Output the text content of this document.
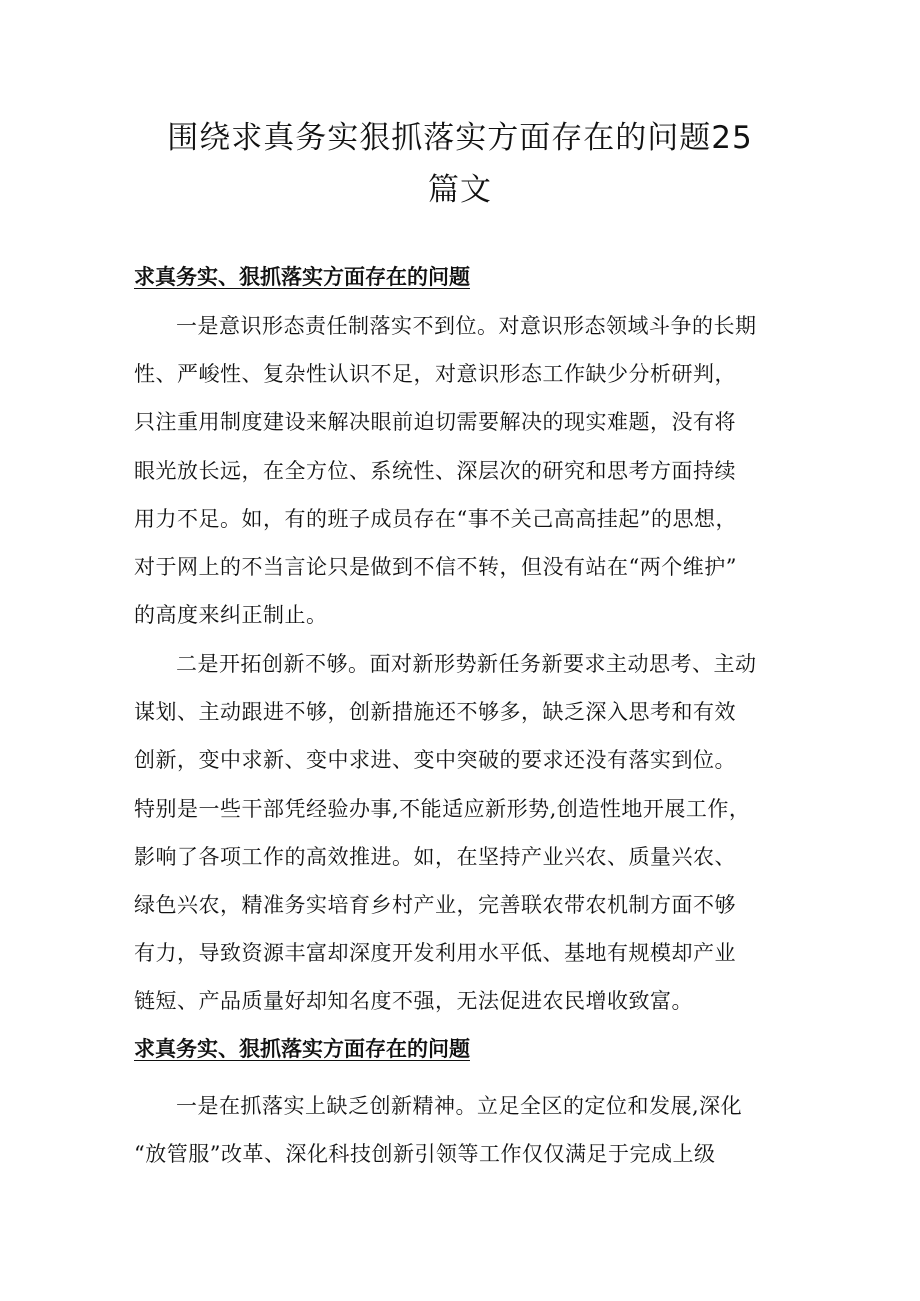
围绕求真务实狠抓落实方面存在的问题25
篇文
求真务实、狠抓落实方面存在的问题

一是意识形态责任制落实不到位。对意识形态领域斗争的长期
性、严峻性、复杂性认识不足，对意识形态工作缺少分析研判，
只注重用制度建设来解决眼前迫切需要解决的现实难题，没有将
眼光放长远，在全方位、系统性、深层次的研究和思考方面持续
用力不足。如，有的班子成员存在“事不关己高高挂起”的思想，
对于网上的不当言论只是做到不信不转，但没有站在“两个维护”
的高度来纠正制止。

二是开拓创新不够。面对新形势新任务新要求主动思考、主动
谋划、主动跟进不够，创新措施还不够多，缺乏深入思考和有效
创新，变中求新、变中求进、变中突破的要求还没有落实到位。
特别是一些干部凭经验办事,不能适应新形势,创造性地开展工作，
影响了各项工作的高效推进。如，在坚持产业兴农、质量兴农、
绿色兴农，精准务实培育乡村产业，完善联农带农机制方面不够
有力，导致资源丰富却深度开发利用水平低、基地有规模却产业
链短、产品质量好却知名度不强，无法促进农民增收致富。

求真务实、狠抓落实方面存在的问题

一是在抓落实上缺乏创新精神。立足全区的定位和发展,深化
“放管服”改革、深化科技创新引领等工作仅仅满足于完成上级
